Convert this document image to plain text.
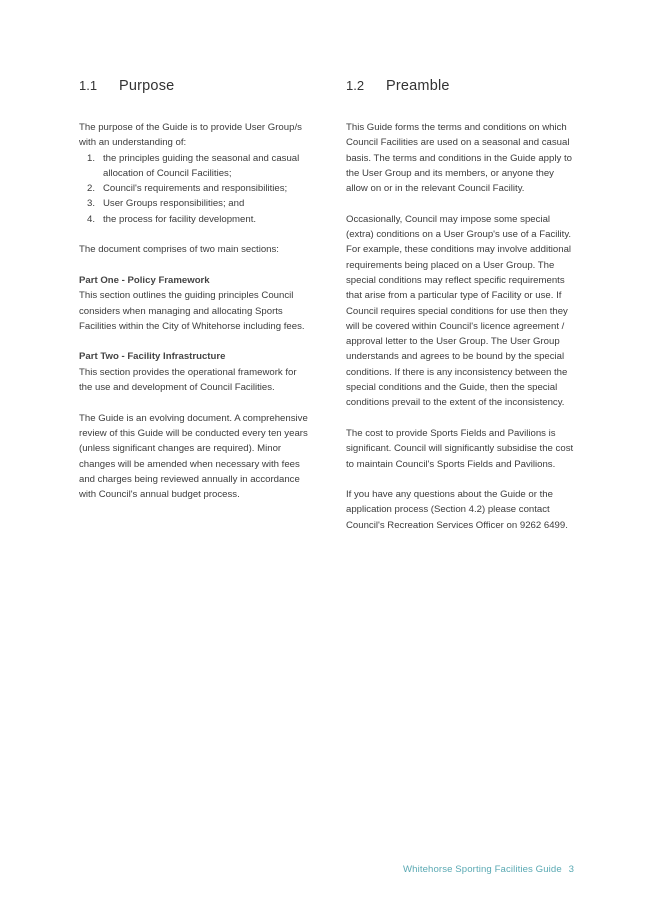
1.1	Purpose

The purpose of the Guide is to provide User Group/s with an understanding of:

1. the principles guiding the seasonal and casual allocation of Council Facilities;
2. Council's requirements and responsibilities;
3. User Groups responsibilities; and
4. the process for facility development.

The document comprises of two main sections:

Part One - Policy Framework

This section outlines the guiding principles Council considers when managing and allocating Sports Facilities within the City of Whitehorse including fees.

Part Two - Facility Infrastructure

This section provides the operational framework for the use and development of Council Facilities.

The Guide is an evolving document. A comprehensive review of this Guide will be conducted every ten years (unless significant changes are required). Minor changes will be amended when necessary with fees and charges being reviewed annually in accordance with Council's annual budget process.

1.2	Preamble

This Guide forms the terms and conditions on which Council Facilities are used on a seasonal and casual basis. The terms and conditions in the Guide apply to the User Group and its members, or anyone they allow on or in the relevant Council Facility.

Occasionally, Council may impose some special (extra) conditions on a User Group's use of a Facility. For example, these conditions may involve additional requirements being placed on a User Group. The special conditions may reflect specific requirements that arise from a particular type of Facility or use. If Council requires special conditions for use then they will be covered within Council's licence agreement / approval letter to the User Group. The User Group understands and agrees to be bound by the special conditions. If there is any inconsistency between the special conditions and the Guide, then the special conditions prevail to the extent of the inconsistency.

The cost to provide Sports Fields and Pavilions is significant. Council will significantly subsidise the cost to maintain Council's Sports Fields and Pavilions.

If you have any questions about the Guide or the application process (Section 4.2) please contact Council's Recreation Services Officer on 9262 6499.

Whitehorse Sporting Facilities Guide 3
